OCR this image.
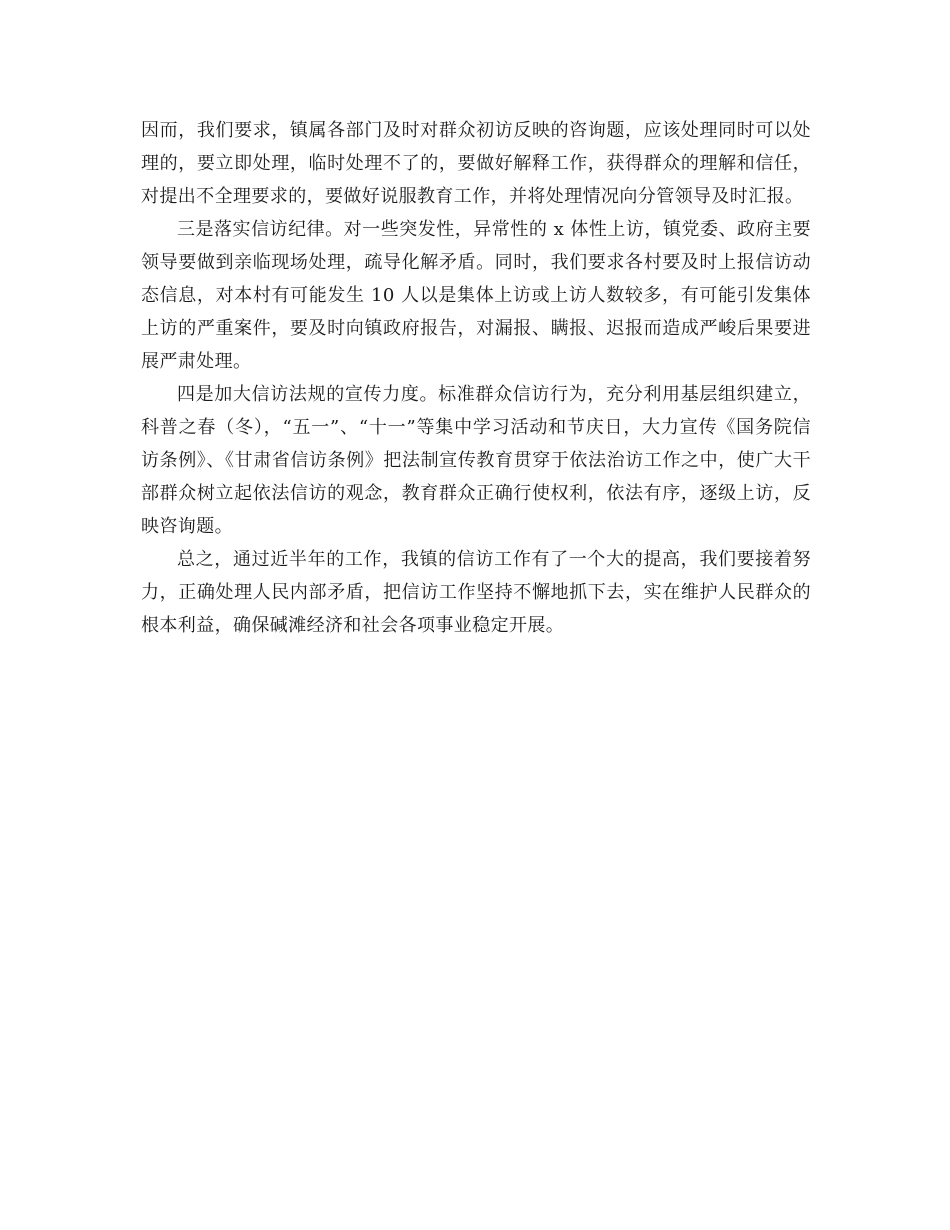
因而，我们要求，镇属各部门及时对群众初访反映的咨询题，应该处理同时可以处理的，要立即处理，临时处理不了的，要做好解释工作，获得群众的理解和信任，对提出不全理要求的，要做好说服教育工作，并将处理情况向分管领导及时汇报。

三是落实信访纪律。对一些突发性，异常性的 x 体性上访，镇党委、政府主要领导要做到亲临现场处理，疏导化解矛盾。同时，我们要求各村要及时上报信访动态信息，对本村有可能发生 10 人以是集体上访或上访人数较多，有可能引发集体上访的严重案件，要及时向镇政府报告，对漏报、瞒报、迟报而造成严峻后果要进展严肃处理。

四是加大信访法规的宣传力度。标准群众信访行为，充分利用基层组织建立，科普之春（冬），“五一”、“十一”等集中学习活动和节庆日，大力宣传《国务院信访条例》、《甘肃省信访条例》把法制宣传教育贯穿于依法治访工作之中，使广大干部群众树立起依法信访的观念，教育群众正确行使权利，依法有序，逐级上访，反映咨询题。

总之，通过近半年的工作，我镇的信访工作有了一个大的提高，我们要接着努力，正确处理人民内部矛盾，把信访工作坚持不懈地抓下去，实在维护人民群众的根本利益，确保碱滩经济和社会各项事业稳定开展。
